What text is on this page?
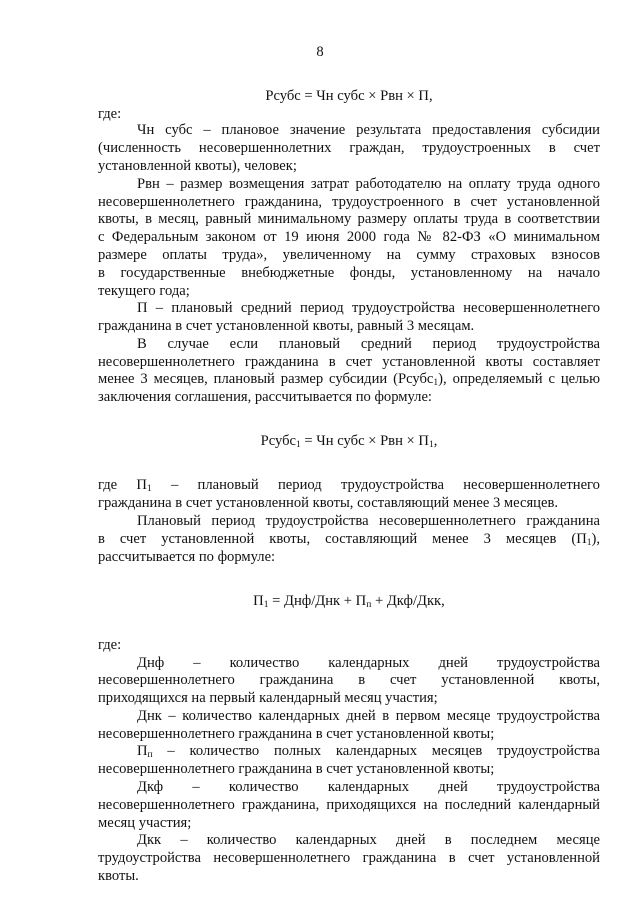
8
Рсубс = Чн субс × Рвн × П,
где:
Чн субс – плановое значение результата предоставления субсидии
(численность несовершеннолетних граждан, трудоустроенных в счет
установленной квоты), человек;
Рвн – размер возмещения затрат работодателю на оплату труда одного
несовершеннолетнего гражданина, трудоустроенного в счет установленной
квоты, в месяц, равный минимальному размеру оплаты труда в соответствии
с Федеральным законом от 19 июня 2000 года № 82-ФЗ «О минимальном
размере оплаты труда», увеличенному на сумму страховых взносов
в государственные внебюджетные фонды, установленному на начало
текущего года;
П – плановый средний период трудоустройства несовершеннолетнего
гражданина в счет установленной квоты, равный 3 месяцам.
В случае если плановый средний период трудоустройства
несовершеннолетнего гражданина в счет установленной квоты составляет
менее 3 месяцев, плановый размер субсидии (Рсубс$_1$), определяемый с целью
заключения соглашения, рассчитывается по формуле:
Рсубс$_1$ = Чн субс × Рвн × $П_1$,
где $П_1$ – плановый период трудоустройства несовершеннолетнего
гражданина в счет установленной квоты, составляющий менее 3 месяцев.
Плановый период трудоустройства несовершеннолетнего гражданина
в счет установленной квоты, составляющий менее 3 месяцев $(П_1)$,
рассчитывается по формуле:
$П_1 = Днф/Днк + П_п + Дкф/Дкк$,
где:
Днф – количество календарных дней трудоустройства
несовершеннолетнего гражданина в счет установленной квоты,
приходящихся на первый календарный месяц участия;
Днк – количество календарных дней в первом месяце трудоустройства
несовершеннолетнего гражданина в счет установленной квоты;
$П_п$ – количество полных календарных месяцев трудоустройства
несовершеннолетнего гражданина в счет установленной квоты;
Дкф – количество календарных дней трудоустройства
несовершеннолетнего гражданина, приходящихся на последний календарный
месяц участия;
Дкк – количество календарных дней в последнем месяце
трудоустройства несовершеннолетнего гражданина в счет установленной
квоты.
